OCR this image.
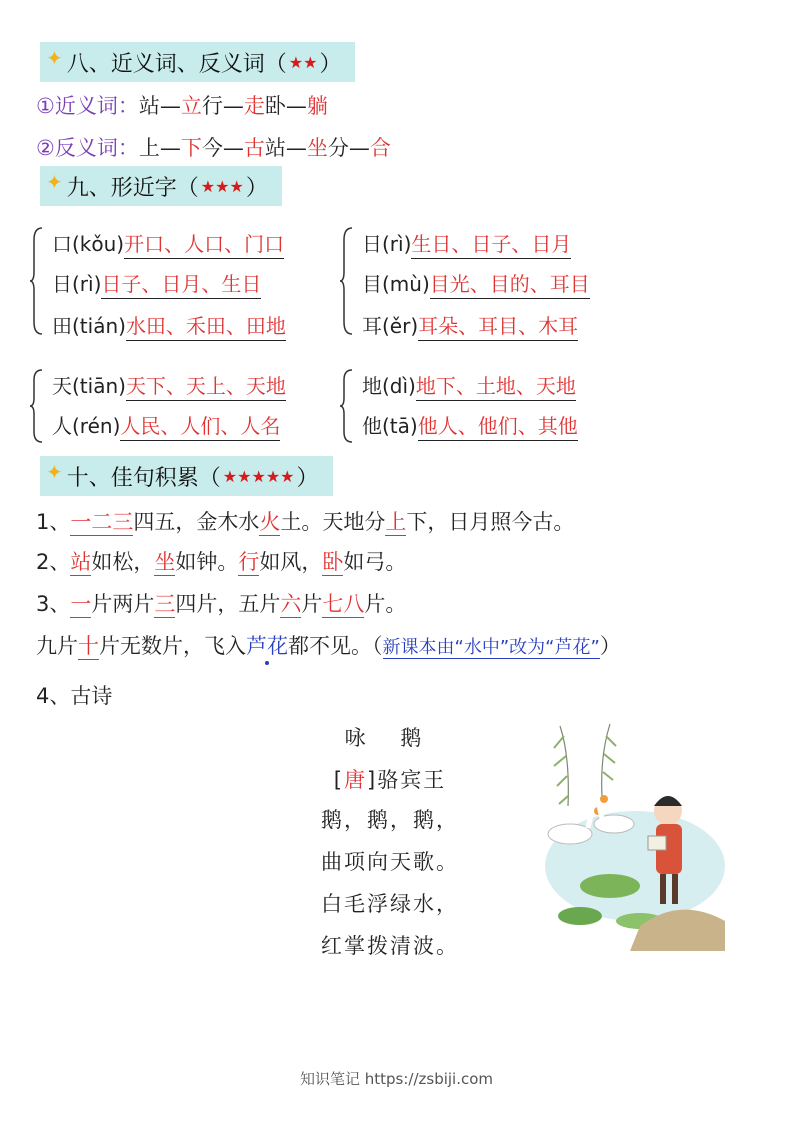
✦ 八、近义词、反义词（ ★★ ）
①近义词：站—立行—走卧—躺
②反义词：上—下今—古站—坐分—合
✦ 九、形近字（ ★★★ ）
口(kǒu)开口、人口、门口
日(rì)日子、日月、生日
田(tián)水田、禾田、田地
日(rì)生日、日子、日月
目(mù)目光、目的、耳目
耳(ěr)耳朵、耳目、木耳
天(tiān)天下、天上、天地
人(rén)人民、人们、人名
地(dì)地下、土地、天地
他(tā)他人、他们、其他
✦ 十、佳句积累（ ★★★★★ ）
1、一二三四五，金木水火土。天地分上下，日月照今古。
2、站如松，坐如钟。行如风，卧如弓。
3、一片两片三四片，五片六片七八片。
九片十片无数片，飞入芦花都不见。（新课本由“水中”改为“芦花”）
4、古诗
咏 鹅
[唐]骆宾王
鹅，鹅，鹅，
曲项向天歌。
白毛浮绿水，
红掌拨清波。
知识笔记 https://zsbiji.com
